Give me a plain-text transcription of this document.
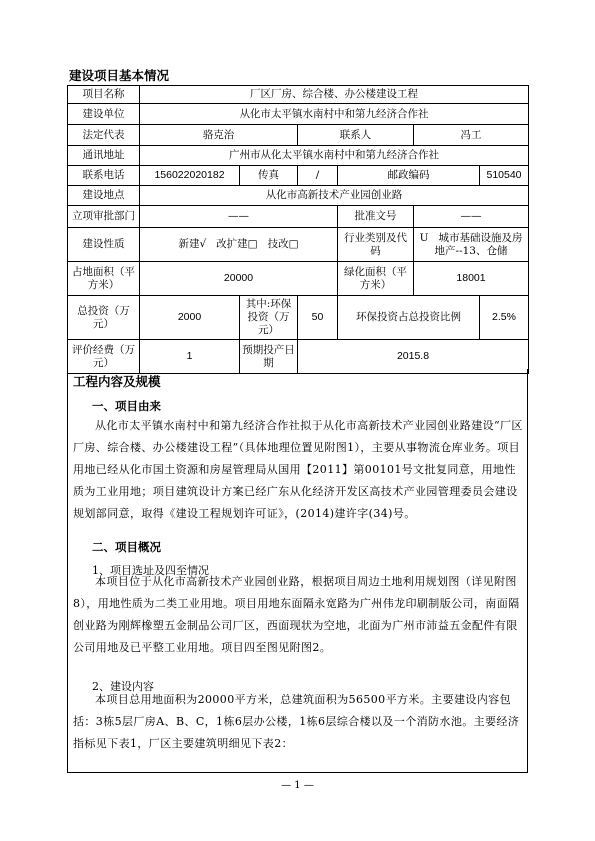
建设项目基本情况
项目名称	厂区厂房、综合楼、办公楼建设工程					
建设单位	从化市太平镇水南村中和第九经济合作社					
法定代表	骆克治		联系人		冯工	
通讯地址	广州市从化太平镇水南村中和第九经济合作社					
联系电话	15602202018​2	传真	/	邮政编码		510540
建设地点	从化市高新技术产业园创业路					
立项审批部门	——			批准文号	——	
建设性质	新建√ 改扩建□ 技改□			行业类别及代码	U 城市基础设施及房地产--13、仓储	
占地面积（平方米）	20000			绿化面积（平方米）	18001	
总投资（万元）	2000	其中:环保投资（万元）	50	环保投资占总投资比例		2.5%
评价经费（万元）	1	预期投产日期	2015.8			
工程内容及规模
一、项目由来

从化市太平镇水南村中和第九经济合作社拟于从化市高新技术产业园创业路建设“厂区厂房、综合楼、办公楼建设工程”（具体地理位置见附图1），主要从事物流仓库业务。项目用地已经从化市国土资源和房屋管理局从国用【2011】第00101号文批复同意，用地性质为工业用地；项目建筑设计方案已经广东从化经济开发区高技术产业园管理委员会建设规划部同意，取得《建设工程规划许可证》，(2014)建许字(34)号。

二、项目概况
1、项目选址及四至情况

本项目位于从化市高新技术产业园创业路，根据项目周边土地利用规划图（详见附图8），用地性质为二类工业用地。项目用地东面隔永宽路为广州伟龙印刷制版公司，南面隔创业路为刚辉橡塑五金制品公司厂区，西面现状为空地，北面为广州市沛益五金配件有限公司用地及已平整工业用地。项目四至图见附图2。

2、建设内容

本项目总用地面积为20000平方米，总建筑面积为56500平方米。主要建设内容包括：3栋5层厂房A、B、C，1栋6层办公楼，1栋6层综合楼以及一个消防水池。主要经济指标见下表1，厂区主要建筑明细见下表2：

— 1 —
